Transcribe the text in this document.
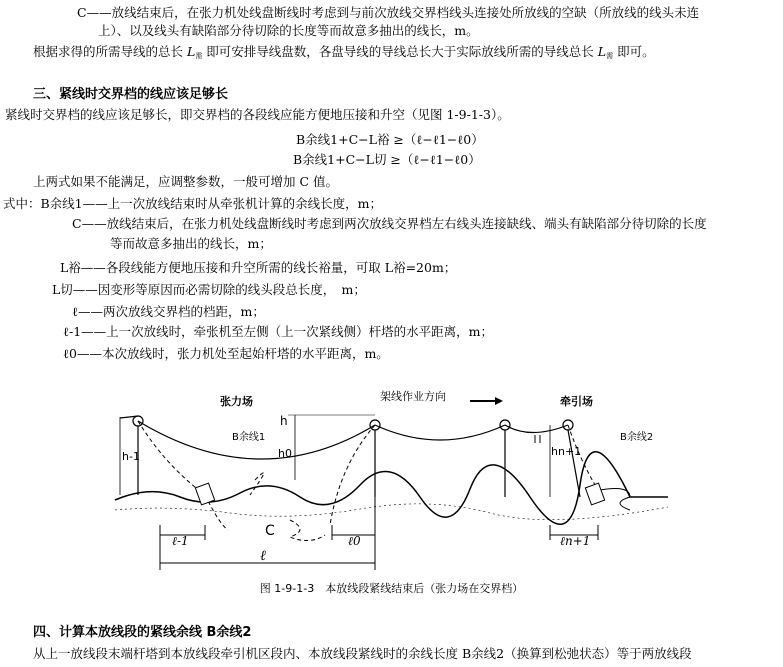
C——放线结束后，在张力机处线盘断线时考虑到与前次放线交界档线头连接处所放线的空缺（所放线的线头未连
上）、以及线头有缺陷部分待切除的长度等而故意多抽出的线长，m。
根据求得的所需导线的总长 $L_需$ 即可安排导线盘数，各盘导线的导线总长大于实际放线所需的导线总长 $L_需$ 即可。
三、紧线时交界档的线应该足够长
紧线时交界档的线应该足够长，即交界档的各段线应能方便地压接和升空（见图 1-9-1-3）。
B余线1+C−L裕 ≥（ℓ−ℓ1−ℓ0）
B余线1+C−L切 ≥（ℓ−ℓ1−ℓ0）
上两式如果不能满足，应调整参数，一般可增加 C 值。
式中：B余线1——上一次放线结束时从牵张机计算的余线长度，m；
C——放线结束后，在张力机处线盘断线时考虑到两次放线交界档左右线头连接缺线、端头有缺陷部分待切除的长度
等而故意多抽出的线长，m；
L裕——各段线能方便地压接和升空所需的线长裕量，可取 L裕=20m；
L切——因变形等原因而必需切除的线头段总长度，　m；
ℓ——两次放线交界档的档距，m；
ℓ-1——上一次放线时，牵张机至左侧（上一次紧线侧）杆塔的水平距离，m；
ℓ0——本次放线时，张力机处至起始杆塔的水平距离，m。
张力场	架线作业方向	牵引场
h
h-1	h0	hn+1
B余线1	B余线2
C
ℓ-1	ℓ0
ℓ
ℓn+1
图 1-9-1-3　本放线段紧线结束后（张力场在交界档）
四、计算本放线段的紧线余线 B余线2
从上一放线段末端杆塔到本放线段牵引机区段内、本放线段紧线时的余线长度 B余线2（换算到松弛状态）等于两放线段
